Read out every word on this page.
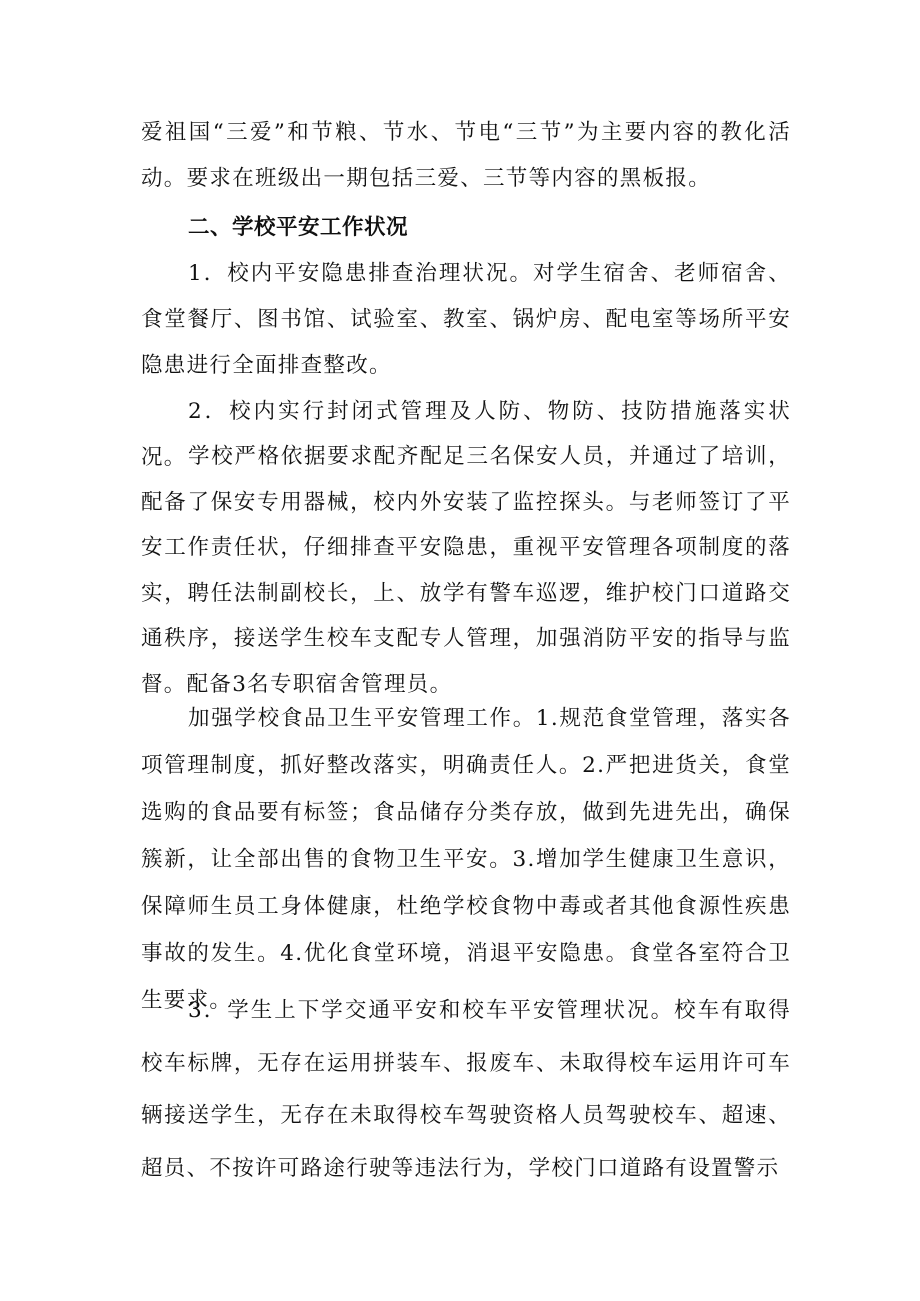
爱祖国“三爱”和节粮、节水、节电“三节”为主要内容的教化活动。要求在班级出一期包括三爱、三节等内容的黑板报。

二、学校平安工作状况

1．校内平安隐患排查治理状况。对学生宿舍、老师宿舍、食堂餐厅、图书馆、试验室、教室、锅炉房、配电室等场所平安隐患进行全面排查整改。

2．校内实行封闭式管理及人防、物防、技防措施落实状况。 学校严格依据要求配齐配足三名保安人员，并通过了培训，配备了保安专用器械，校内外安装了监控探头。与老师签订了平安工作责任状，仔细排查平安隐患，重视平安管理各项制度的落实，聘任法制副校长，上、放学有警车巡逻，维护校门口道路交通秩序，接送学生校车支配专人管理，加强消防平安的指导与监督。配备3名专职宿舍管理员。

加强学校食品卫生平安管理工作。1.规范食堂管理，落实各项管理制度，抓好整改落实，明确责任人。2.严把进货关，食堂选购的食品要有标签；食品储存分类存放，做到先进先出，确保簇新，让全部出售的食物卫生平安。3.增加学生健康卫生意识，保障师生员工身体健康，杜绝学校食物中毒或者其他食源性疾患事故的发生。4.优化食堂环境，消退平安隐患。食堂各室符合卫生要求。

3．学生上下学交通平安和校车平安管理状况。校车有取得校车标牌，无存在运用拼装车、报废车、未取得校车运用许可车辆接送学生，无存在未取得校车驾驶资格人员驾驶校车、超速、超员、不按许可路途行驶等违法行为，学校门口道路有设置警示
